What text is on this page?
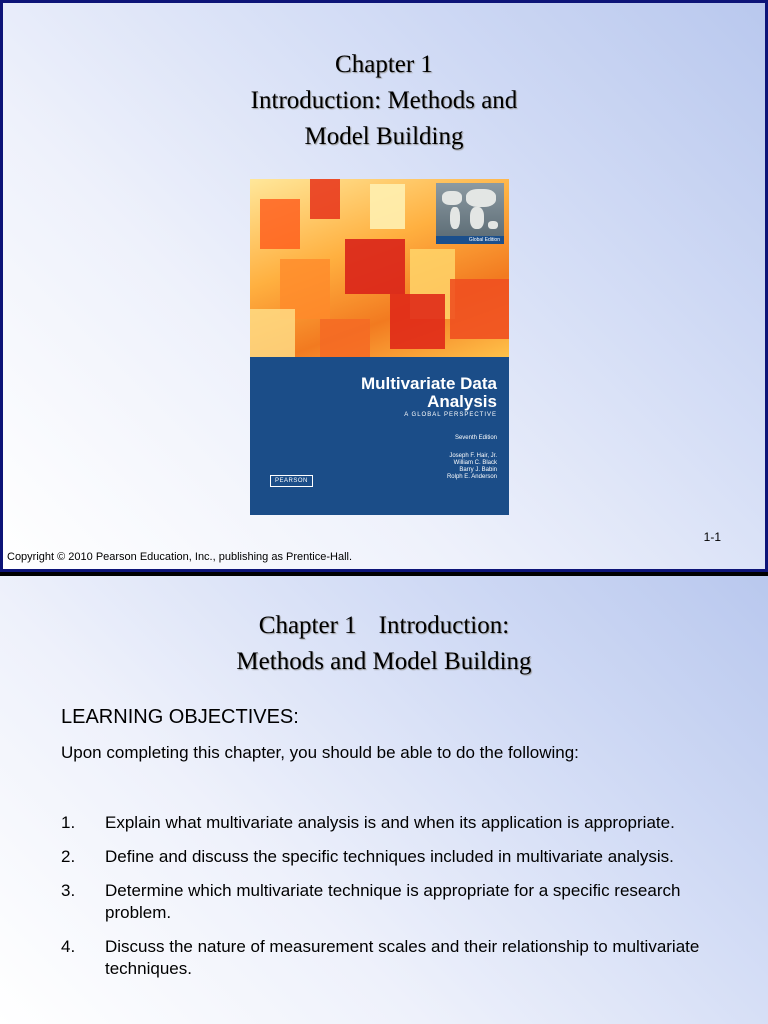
Chapter 1
Introduction: Methods and
Model Building
Global Edition
Multivariate Data
Analysis
A GLOBAL PERSPECTIVE
Seventh Edition
Joseph F. Hair, Jr.
William C. Black
Barry J. Babin
Rolph E. Anderson
PEARSON
1-1
Copyright © 2010 Pearson Education, Inc., publishing as Prentice-Hall.
Chapter 1 Introduction:
Methods and Model Building
LEARNING OBJECTIVES:

Upon completing this chapter, you should be able to do the following:

1. Explain what multivariate analysis is and when its application is appropriate.
2. Define and discuss the specific techniques included in multivariate analysis.
3. Determine which multivariate technique is appropriate for a specific research problem.
4. Discuss the nature of measurement scales and their relationship to multivariate techniques.
